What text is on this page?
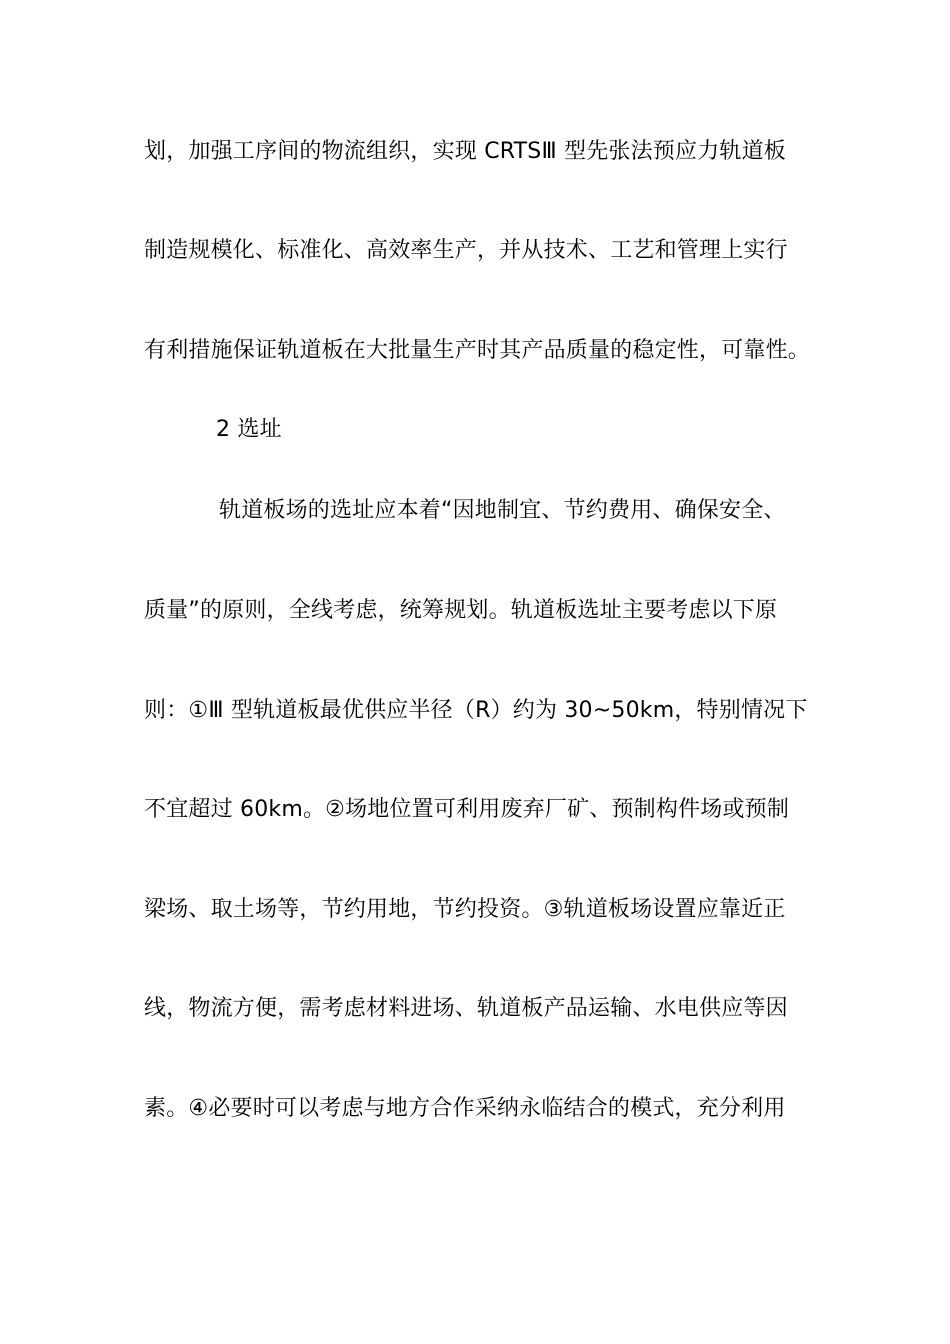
划，加强工序间的物流组织，实现 CRTSⅢ 型先张法预应力轨道板
制造规模化、标准化、高效率生产，并从技术、工艺和管理上实行
有利措施保证轨道板在大批量生产时其产品质量的稳定性，可靠性。
2 选址
轨道板场的选址应本着“因地制宜、节约费用、确保安全、
质量”的原则，全线考虑，统筹规划。轨道板选址主要考虑以下原
则：①Ⅲ 型轨道板最优供应半径（R）约为 30~50km，特别情况下
不宜超过 60km。②场地位置可利用废弃厂矿、预制构件场或预制
梁场、取土场等，节约用地，节约投资。③轨道板场设置应靠近正
线，物流方便，需考虑材料进场、轨道板产品运输、水电供应等因
素。④必要时可以考虑与地方合作采纳永临结合的模式，充分利用
